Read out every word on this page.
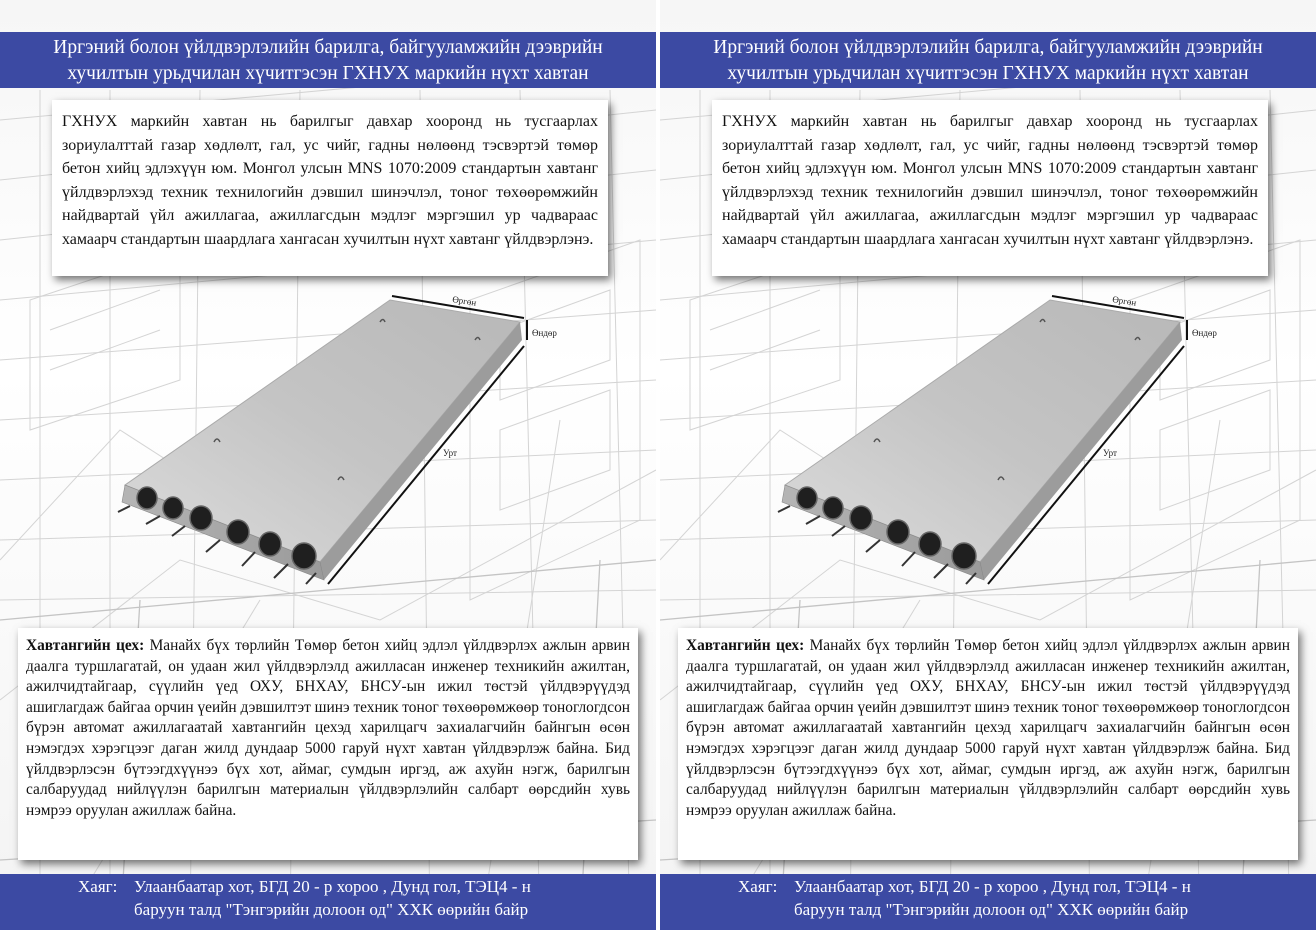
Иргэний болон үйлдвэрлэлийн барилга, байгууламжийн дээврийн
хучилтын урьдчилан хүчитгэсэн ГХНУХ маркийн нүхт хавтан
ГХНУХ маркийн хавтан нь барилгыг давхар хооронд нь тусгаарлах зориулалттай газар хөдлөлт, гал, ус чийг, гадны нөлөөнд тэсвэртэй төмөр бетон хийц эдлэхүүн юм. Монгол улсын MNS 1070:2009 стандартын хавтанг үйлдвэрлэхэд техник технилогийн дэвшил шинэчлэл, тоног төхөөрөмжийн найдвартай үйл ажиллагаа, ажиллагсдын мэдлэг мэргэшил ур чадвараас хамаарч стандартын шаардлага хангасан хучилтын нүхт хавтанг үйлдвэрлэнэ.
Өргөн
Өндөр
Урт
Хавтангийн цех: Манайх бүх төрлийн Төмөр бетон хийц эдлэл үйлдвэрлэх ажлын арвин даалга туршлагатай, он удаан жил үйлдвэрлэлд ажилласан инженер техникийн ажилтан, ажилчидтайгаар, сүүлийн үед ОХУ, БНХАУ, БНСУ-ын ижил төстэй үйлдвэрүүдэд ашиглагдаж байгаа орчин үеийн дэвшилтэт шинэ техник тоног төхөөрөмжөөр тоноглогдсон бүрэн автомат ажиллагаатай хавтангийн цехэд харилцагч захиалагчийн байнгын өсөн нэмэгдэх хэрэгцээг даган жилд дундаар 5000 гаруй нүхт хавтан үйлдвэрлэж байна. Бид үйлдвэрлэсэн бүтээгдхүүнээ бүх хот, аймаг, сумдын иргэд, аж ахуйн нэгж, барилгын салбаруудад нийлүүлэн барилгын материалын үйлдвэрлэлийн салбарт өөрсдийн хувь нэмрээ оруулан ажиллаж байна.
Хаяг: Улаанбаатар хот, БГД 20 - р хороо , Дунд гол, ТЭЦ4 - н
баруун талд "Тэнгэрийн долоон од" ХХК өөрийн байр
Иргэний болон үйлдвэрлэлийн барилга, байгууламжийн дээврийн
хучилтын урьдчилан хүчитгэсэн ГХНУХ маркийн нүхт хавтан
ГХНУХ маркийн хавтан нь барилгыг давхар хооронд нь тусгаарлах зориулалттай газар хөдлөлт, гал, ус чийг, гадны нөлөөнд тэсвэртэй төмөр бетон хийц эдлэхүүн юм. Монгол улсын MNS 1070:2009 стандартын хавтанг үйлдвэрлэхэд техник технилогийн дэвшил шинэчлэл, тоног төхөөрөмжийн найдвартай үйл ажиллагаа, ажиллагсдын мэдлэг мэргэшил ур чадвараас хамаарч стандартын шаардлага хангасан хучилтын нүхт хавтанг үйлдвэрлэнэ.
Өргөн
Өндөр
Урт
Хавтангийн цех: Манайх бүх төрлийн Төмөр бетон хийц эдлэл үйлдвэрлэх ажлын арвин даалга туршлагатай, он удаан жил үйлдвэрлэлд ажилласан инженер техникийн ажилтан, ажилчидтайгаар, сүүлийн үед ОХУ, БНХАУ, БНСУ-ын ижил төстэй үйлдвэрүүдэд ашиглагдаж байгаа орчин үеийн дэвшилтэт шинэ техник тоног төхөөрөмжөөр тоноглогдсон бүрэн автомат ажиллагаатай хавтангийн цехэд харилцагч захиалагчийн байнгын өсөн нэмэгдэх хэрэгцээг даган жилд дундаар 5000 гаруй нүхт хавтан үйлдвэрлэж байна. Бид үйлдвэрлэсэн бүтээгдхүүнээ бүх хот, аймаг, сумдын иргэд, аж ахуйн нэгж, барилгын салбаруудад нийлүүлэн барилгын материалын үйлдвэрлэлийн салбарт өөрсдийн хувь нэмрээ оруулан ажиллаж байна.
Хаяг: Улаанбаатар хот, БГД 20 - р хороо , Дунд гол, ТЭЦ4 - н
баруун талд "Тэнгэрийн долоон од" ХХК өөрийн байр
